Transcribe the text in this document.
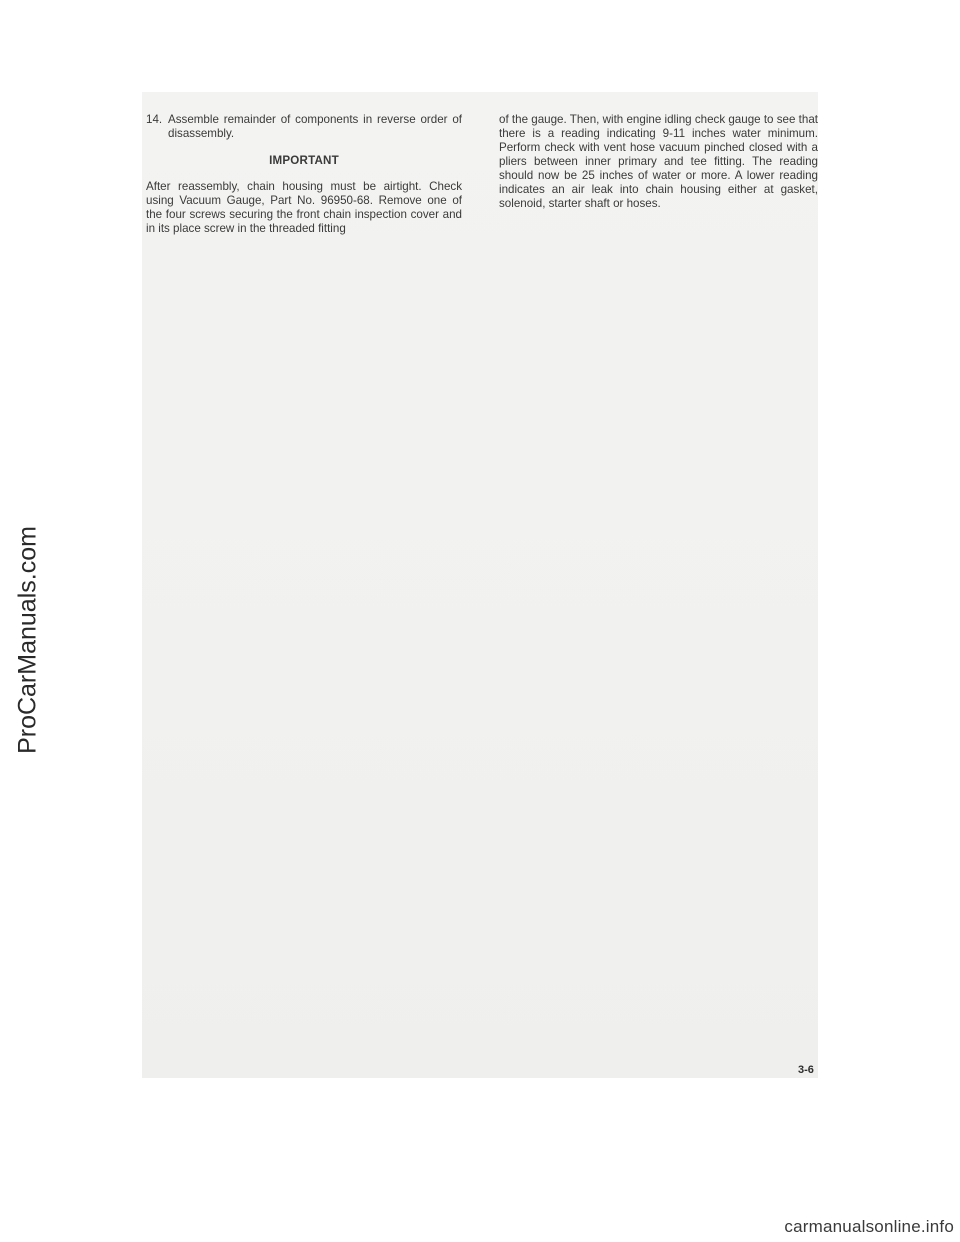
14. Assemble remainder of components in reverse order of disassembly.
IMPORTANT
After reassembly, chain housing must be airtight. Check using Vacuum Gauge, Part No. 96950-68. Remove one of the four screws securing the front chain inspection cover and in its place screw in the threaded fitting
of the gauge. Then, with engine idling check gauge to see that there is a reading indicating 9-11 inches water minimum. Perform check with vent hose vacuum pinched closed with a pliers between inner primary and tee fitting. The reading should now be 25 inches of water or more. A lower reading indicates an air leak into chain housing either at gasket, solenoid, starter shaft or hoses.
3-6
ProCarManuals.com
carmanualsonline.info
